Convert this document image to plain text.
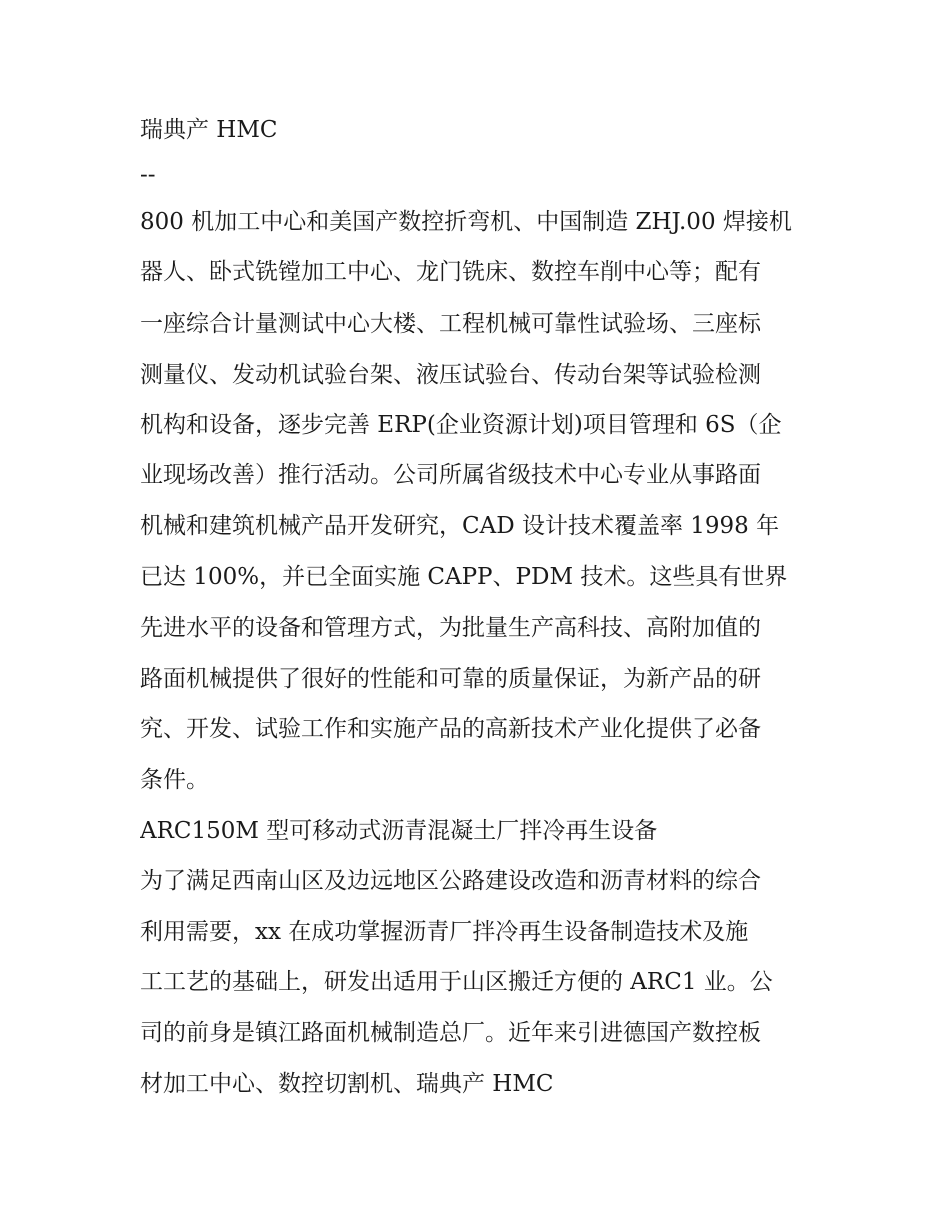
瑞典产 HMC
--
800 机加工中心和美国产数控折弯机、中国制造 ZHJ.00 焊接机
器人、卧式铣镗加工中心、龙门铣床、数控车削中心等；配有
一座综合计量测试中心大楼、工程机械可靠性试验场、三座标
测量仪、发动机试验台架、液压试验台、传动台架等试验检测
机构和设备，逐步完善 ERP(企业资源计划)项目管理和 6S（企
业现场改善）推行活动。公司所属省级技术中心专业从事路面
机械和建筑机械产品开发研究，CAD 设计技术覆盖率 1998 年
已达 100%，并已全面实施 CAPP、PDM 技术。这些具有世界
先进水平的设备和管理方式，为批量生产高科技、高附加值的
路面机械提供了很好的性能和可靠的质量保证，为新产品的研
究、开发、试验工作和实施产品的高新技术产业化提供了必备
条件。
ARC150M 型可移动式沥青混凝土厂拌冷再生设备
为了满足西南山区及边远地区公路建设改造和沥青材料的综合
利用需要，xx 在成功掌握沥青厂拌冷再生设备制造技术及施
工工艺的基础上，研发出适用于山区搬迁方便的 ARC1 业。公
司的前身是镇江路面机械制造总厂。近年来引进德国产数控板
材加工中心、数控切割机、瑞典产 HMC
